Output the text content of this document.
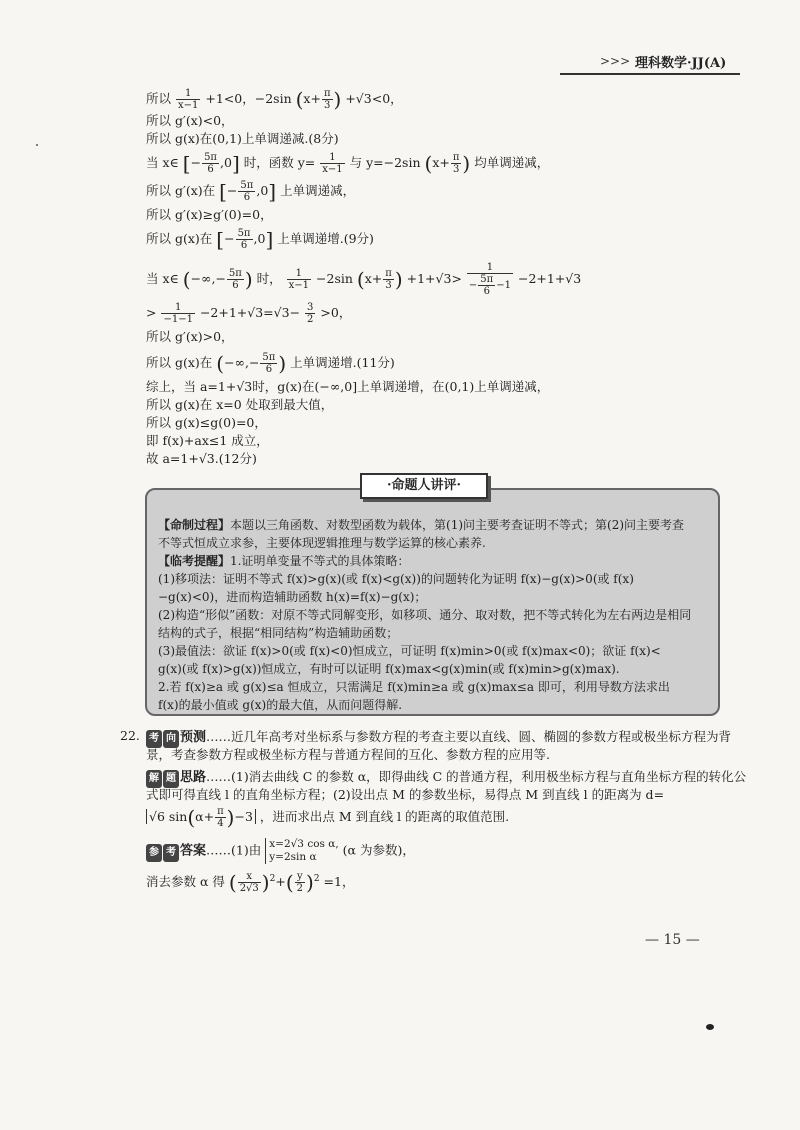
>>> 理科数学·JJ(A)
所以 $\frac{1}{x-1} +1<0$，−2sin ($x+ \frac{\pi}{3}$ ) +√3<0，
所以 g′(x)<0，
所以 g(x)在(0,1)上单调递减.(8分)
当 x∈ [− $\frac{5\pi}{6} ,0$] 时，函数 $y= \frac{1}{x-1}$ 与 y=−2sin ($x+ \frac{\pi}{3}$ ) 均单调递减，
所以 g′(x)在 [− $\frac{5\pi}{6} ,0$] 上单调递减，
所以 g′(x)≥g′(0)=0，
所以 g(x)在 [− $\frac{5\pi}{6} ,0$] 上单调递增.(9分)
当 x∈ (−∞,− $\frac{5\pi}{6}$ ) 时， $\frac{1}{x-1} -2\sin$ ($x+ \frac{\pi}{3}$ ) $+1+√3> \frac{1}{- \frac{5\pi}{6} -1} -2+1+√3$
> $\frac{1}{-1-1} -2+1+√3=√3- \frac{3}{2} >0$，
所以 g′(x)>0，
所以 g(x)在 (−∞,− $\frac{5\pi}{6}$ ) 上单调递增.(11分)
综上，当 a=1+√3时，g(x)在(−∞,0]上单调递增，在(0,1)上单调递减，
所以 g(x)在 x=0 处取到最大值，
所以 g(x)≤g(0)=0，
即 f(x)+ax≤1 成立，
故 a=1+√3.(12分)
·命题人讲评·
【命制过程】本题以三角函数、对数型函数为载体，第(1)问主要考查证明不等式；第(2)问主要考查
不等式恒成立求参，主要体现逻辑推理与数学运算的核心素养.
【临考提醒】1.证明单变量不等式的具体策略：
(1)移项法：证明不等式 f(x)>g(x)(或 f(x)<g(x))的问题转化为证明 f(x)−g(x)>0(或 f(x)
−g(x)<0)，进而构造辅助函数 h(x)=f(x)−g(x)；
(2)构造“形似”函数：对原不等式同解变形，如移项、通分、取对数，把不等式转化为左右两边是相同
结构的式子，根据“相同结构”构造辅助函数；
(3)最值法：欲证 f(x)>0(或 f(x)<0)恒成立，可证明 f(x)min>0(或 f(x)max<0)；欲证 f(x)<
g(x)(或 f(x)>g(x))恒成立，有时可以证明 f(x)max<g(x)min(或 f(x)min>g(x)max).
2.若 f(x)≥a 或 g(x)≤a 恒成立，只需满足 f(x)min≥a 或 g(x)max≤a 即可，利用导数方法求出
f(x)的最小值或 g(x)的最大值，从而问题得解.
22. 考 向 预测……近几年高考对坐标系与参数方程的考查主要以直线、圆、椭圆的参数方程或极坐标方程为背
景，考查参数方程或极坐标方程与普通方程间的互化、参数方程的应用等.
解 题 思路……(1)消去曲线 C 的参数 α，即得曲线 C 的普通方程，利用极坐标方程与直角坐标方程的转化公
式即可得直线 l 的直角坐标方程；(2)设出点 M 的参数坐标，易得点 M 到直线 l 的距离为 d=
√6 $\sin(\alpha+ \frac{\pi}{4} )-3$ ，进而求出点 M 到直线 l 的距离的取值范围.
参 考 答案……(1)由 x=2√3 cos α,
y=2sin α	(α 为参数)，
消去参数 α 得 ( $\frac{x}{2√3} )^2+( \frac{y}{2} )^2 =1$，
— 15 —
